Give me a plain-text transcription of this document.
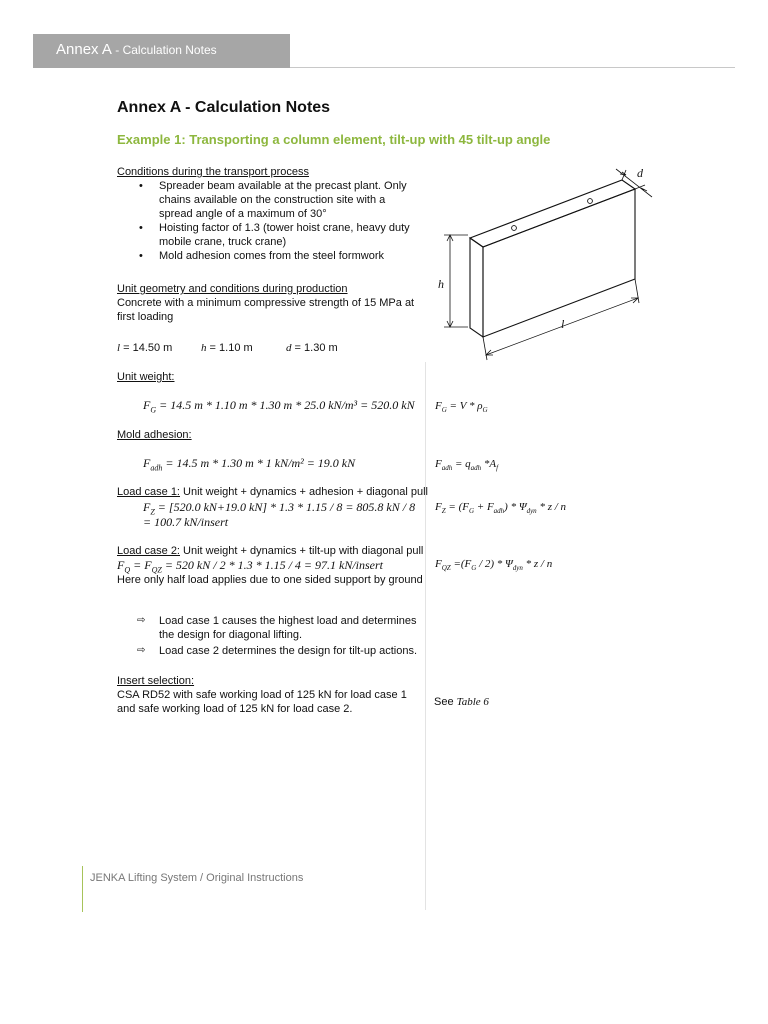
Annex A - Calculation Notes
Annex A - Calculation Notes
Example 1: Transporting a column element, tilt-up with 45 tilt-up angle
Conditions during the transport process
• Spreader beam available at the precast plant. Only chains available on the construction site with a spread angle of a maximum of 30°
• Hoisting factor of 1.3 (tower hoist crane, heavy duty mobile crane, truck crane)
• Mold adhesion comes from the steel formwork
Unit geometry and conditions during production
Concrete with a minimum compressive strength of 15 MPa at first loading
l = 14.50 m	h = 1.10 m	d = 1.30 m
Unit weight:
$F_G = 14.5$ m * 1.10 m * 1.30 m * 25.0 kN/m³ = 520.0 kN $F_G = V * \rho_G$
Mold adhesion:
$F_{adh} = 14.5$ m * 1.30 m * 1 kN/m² = 19.0 kN	$F_{adh} = q_{adh}$ $*A_f$
Load case 1: Unit weight + dynamics + adhesion + diagonal pull
$F_Z = [520.0$ kN+19.0 kN] * 1.3 * 1.15 / 8 = 805.8 kN / 8
= 100.7 kN/insert
$F_Z = (F_G + F_{adh}) * \Psi_{dyn} * z / n$
Load case 2: Unit weight + dynamics + tilt-up with diagonal pull
$F_Q = F_{QZ} = 520$ kN / 2 * 1.3 * 1.15 / 4 = 97.1 kN/insert
Here only half load applies due to one sided support by ground
$F_{QZ} =(F_G / 2) * \Psi_{dyn} * z / n$
⇨ Load case 1 causes the highest load and determines the design for diagonal lifting.
⇨ Load case 2 determines the design for tilt-up actions.
Insert selection:
CSA RD52 with safe working load of 125 kN for load case 1 and safe working load of 125 kN for load case 2.
See Table 6
h
l
d
JENKA Lifting System / Original Instructions
